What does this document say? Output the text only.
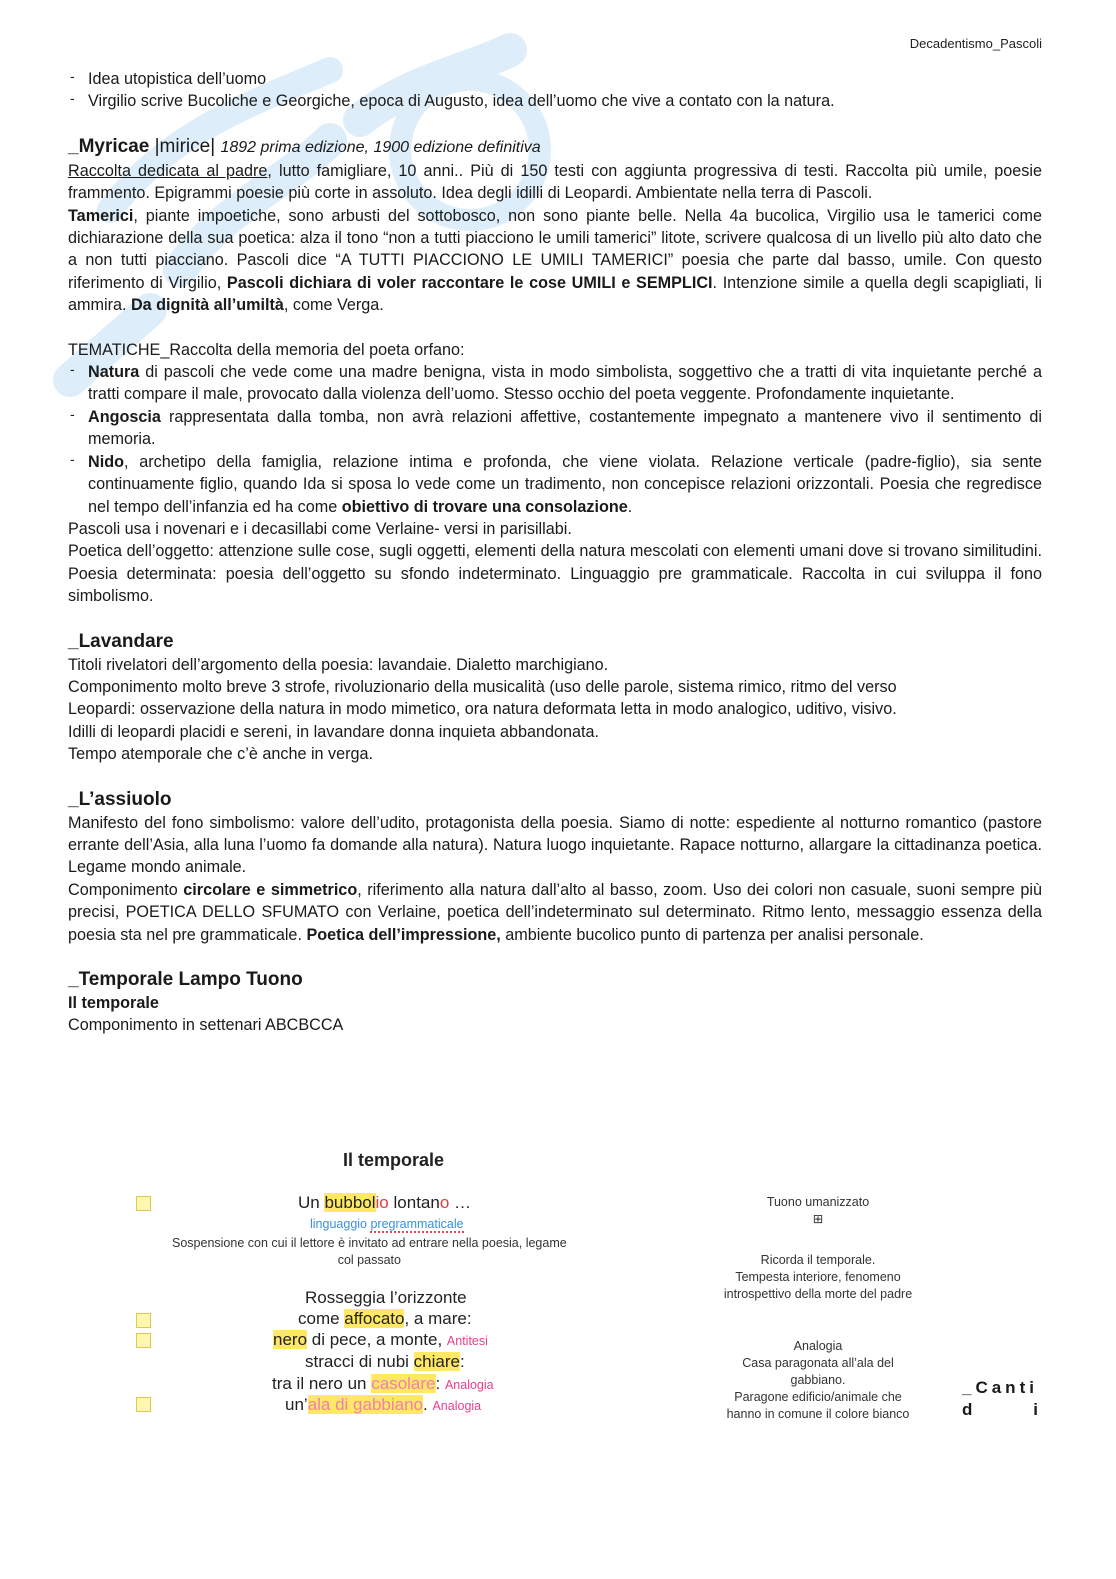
Decadentismo_Pascoli
- Idea utopistica dell’uomo
- Virgilio scrive Bucoliche e Georgiche, epoca di Augusto, idea dell’uomo che vive a contato con la natura.
_Myricae |mirice| 1892 prima edizione, 1900 edizione definitiva

Raccolta dedicata al padre, lutto famigliare, 10 anni.. Più di 150 testi con aggiunta progressiva di testi. Raccolta più umile, poesie frammento. Epigrammi poesie più corte in assoluto. Idea degli idilli di Leopardi. Ambientate nella terra di Pascoli.

Tamerici, piante impoetiche, sono arbusti del sottobosco, non sono piante belle. Nella 4a bucolica, Virgilio usa le tamerici come dichiarazione della sua poetica: alza il tono “non a tutti piacciono le umili tamerici” litote, scrivere qualcosa di un livello più alto dato che a non tutti piacciano. Pascoli dice “A TUTTI PIACCIONO LE UMILI TAMERICI” poesia che parte dal basso, umile. Con questo riferimento di Virgilio, Pascoli dichiara di voler raccontare le cose UMILI e SEMPLICI. Intenzione simile a quella degli scapigliati, li ammira. Da dignità all’umiltà, come Verga.

TEMATICHE_Raccolta della memoria del poeta orfano:

- Natura di pascoli che vede come una madre benigna, vista in modo simbolista, soggettivo che a tratti di vita inquietante perché a tratti compare il male, provocato dalla violenza dell’uomo. Stesso occhio del poeta veggente. Profondamente inquietante.
- Angoscia rappresentata dalla tomba, non avrà relazioni affettive, costantemente impegnato a mantenere vivo il sentimento di memoria.
- Nido, archetipo della famiglia, relazione intima e profonda, che viene violata. Relazione verticale (padre-figlio), sia sente continuamente figlio, quando Ida si sposa lo vede come un tradimento, non concepisce relazioni orizzontali. Poesia che regredisce nel tempo dell’infanzia ed ha come obiettivo di trovare una consolazione.

Pascoli usa i novenari e i decasillabi come Verlaine- versi in parisillabi.

Poetica dell’oggetto: attenzione sulle cose, sugli oggetti, elementi della natura mescolati con elementi umani dove si trovano similitudini. Poesia determinata: poesia dell’oggetto su sfondo indeterminato. Linguaggio pre grammaticale. Raccolta in cui sviluppa il fono simbolismo.

_Lavandare

Titoli rivelatori dell’argomento della poesia: lavandaie. Dialetto marchigiano.

Componimento molto breve 3 strofe, rivoluzionario della musicalità (uso delle parole, sistema rimico, ritmo del verso

Leopardi: osservazione della natura in modo mimetico, ora natura deformata letta in modo analogico, uditivo, visivo.

Idilli di leopardi placidi e sereni, in lavandare donna inquieta abbandonata.

Tempo atemporale che c’è anche in verga.

_L’assiuolo

Manifesto del fono simbolismo: valore dell’udito, protagonista della poesia. Siamo di notte: espediente al notturno romantico (pastore errante dell’Asia, alla luna l’uomo fa domande alla natura). Natura luogo inquietante. Rapace notturno, allargare la cittadinanza poetica. Legame mondo animale.

Componimento circolare e simmetrico, riferimento alla natura dall’alto al basso, zoom. Uso dei colori non casuale, suoni sempre più precisi, POETICA DELLO SFUMATO con Verlaine, poetica dell’indeterminato sul determinato. Ritmo lento, messaggio essenza della poesia sta nel pre grammaticale. Poetica dell’impressione, ambiente bucolico punto di partenza per analisi personale.

_Temporale Lampo Tuono

Il temporale

Componimento in settenari ABCBCCA

Il temporale
Un bubbolio lontano …
linguaggio pregrammaticale
Sospensione con cui il lettore è invitato ad entrare nella poesia, legame
col passato
Rosseggia l’orizzonte
come affocato, a mare:
nero di pece, a monte, Antitesi
stracci di nubi chiare:
tra il nero un casolare: Analogia
un’ala di gabbiano. Analogia
Tuono umanizzato
⊞
Ricorda il temporale.
Tempesta interiore, fenomeno
introspettivo della morte del padre
Analogia
Casa paragonata all’ala del
gabbiano.
Paragone edificio/animale che
hanno in comune il colore bianco
_Canti
d	i
